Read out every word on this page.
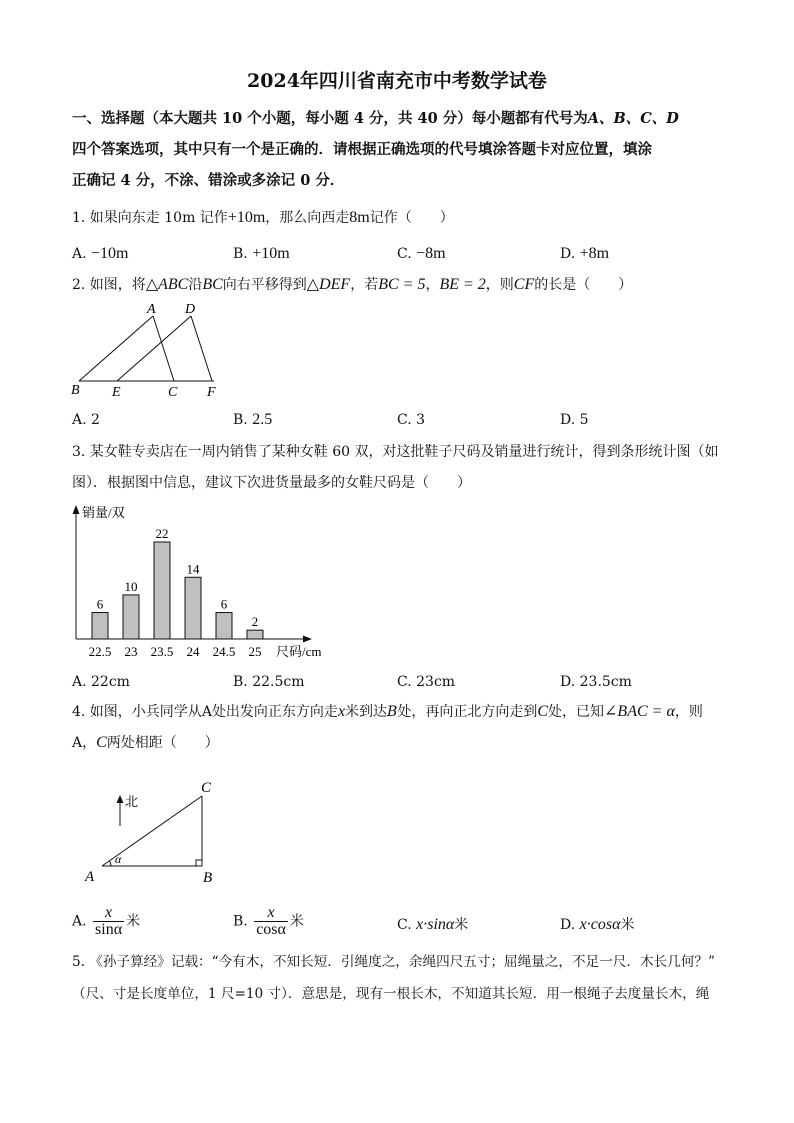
2024年四川省南充市中考数学试卷
一、选择题（本大题共 10 个小题，每小题 4 分，共 40 分）每小题都有代号为A、B、C、D
四个答案选项，其中只有一个是正确的．请根据正确选项的代号填涂答题卡对应位置，填涂
正确记 4 分，不涂、错涂或多涂记 0 分．
1. 如果向东走 10m 记作+10m，那么向西走8m记作（　　）
A. −10m	B. +10m	C. −8m	D. +8m
2. 如图，将△ABC沿BC向右平移得到△DEF，若BC = 5，BE = 2，则CF的长是（　　）
A D
B E	C F
A. 2	B. 2.5	C. 3	D. 5
3. 某女鞋专卖店在一周内销售了某种女鞋 60 双，对这批鞋子尺码及销量进行统计，得到条形统计图（如
图）．根据图中信息，建议下次进货量最多的女鞋尺码是（　　）
销量/双
尺码/cm
6
22.5
10
23
22
23.5
14
24
6
24.5
2
25
A. 22cm	B. 22.5cm	C. 23cm	D. 23.5cm
4. 如图，小兵同学从A处出发向正东方向走x米到达B处，再向正北方向走到C处，已知∠BAC = α，则
A，C两处相距（　　）
α
北
A	B
C
A. $\frac{x}{\sin\alpha}$ 米	B. $\frac{x}{\cos\alpha}$ 米	C. x·sinα米	D. x·cosα米
5. 《孙子算经》记载：“今有木，不知长短．引绳度之，余绳四尺五寸；屈绳量之，不足一尺．木长几何？”
（尺、寸是长度单位，1 尺=10 寸）．意思是，现有一根长木，不知道其长短．用一根绳子去度量长木，绳
